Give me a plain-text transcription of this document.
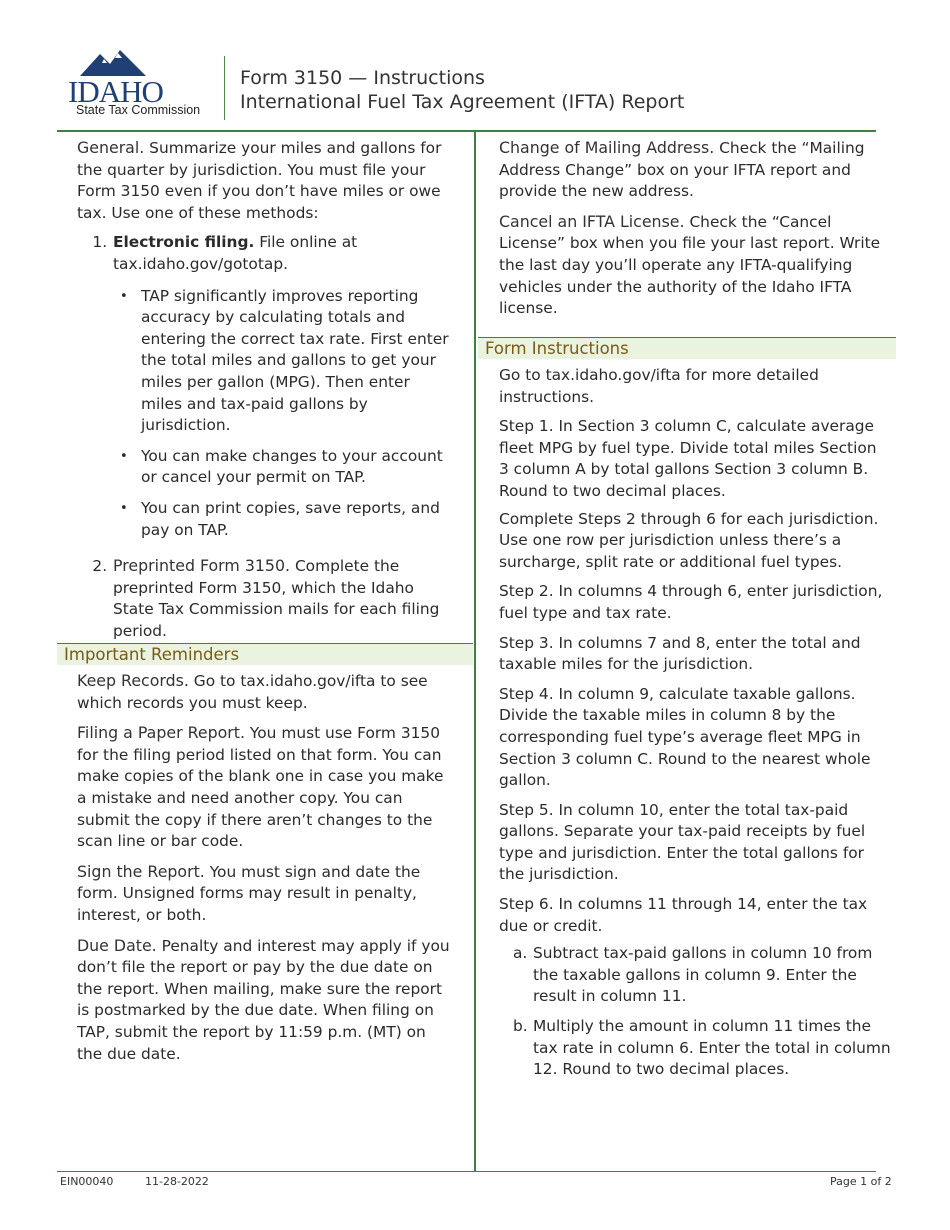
IDAHO
State Tax Commission
Form 3150 — Instructions
International Fuel Tax Agreement (IFTA) Report

General. Summarize your miles and gallons for the quarter by jurisdiction. You must file your Form 3150 even if you don’t have miles or owe tax. Use one of these methods:

1. Electronic filing. File online at tax.idaho.gov/gototap.
• TAP significantly improves reporting accuracy by calculating totals and entering the correct tax rate. First enter the total miles and gallons to get your miles per gallon (MPG). Then enter miles and tax-paid gallons by jurisdiction.
• You can make changes to your account or cancel your permit on TAP.
• You can print copies, save reports, and pay on TAP.
2. Preprinted Form 3150. Complete the preprinted Form 3150, which the Idaho State Tax Commission mails for each filing period.
Important Reminders

Keep Records. Go to tax.idaho.gov/ifta to see which records you must keep.

Filing a Paper Report. You must use Form 3150 for the filing period listed on that form. You can make copies of the blank one in case you make a mistake and need another copy. You can submit the copy if there aren’t changes to the scan line or bar code.

Sign the Report. You must sign and date the form. Unsigned forms may result in penalty, interest, or both.

Due Date. Penalty and interest may apply if you don’t file the report or pay by the due date on the report. When mailing, make sure the report is postmarked by the due date. When filing on TAP, submit the report by 11:59 p.m. (MT) on the due date.

Change of Mailing Address. Check the “Mailing Address Change” box on your IFTA report and provide the new address.

Cancel an IFTA License. Check the “Cancel License” box when you file your last report. Write the last day you’ll operate any IFTA-qualifying vehicles under the authority of the Idaho IFTA license.

Form Instructions

Go to tax.idaho.gov/ifta for more detailed instructions.

Step 1. In Section 3 column C, calculate average fleet MPG by fuel type. Divide total miles Section 3 column A by total gallons Section 3 column B. Round to two decimal places.

Complete Steps 2 through 6 for each jurisdiction. Use one row per jurisdiction unless there’s a surcharge, split rate or additional fuel types.

Step 2. In columns 4 through 6, enter jurisdiction, fuel type and tax rate.

Step 3. In columns 7 and 8, enter the total and taxable miles for the jurisdiction.

Step 4. In column 9, calculate taxable gallons. Divide the taxable miles in column 8 by the corresponding fuel type’s average fleet MPG in Section 3 column C. Round to the nearest whole gallon.

Step 5. In column 10, enter the total tax-paid gallons. Separate your tax-paid receipts by fuel type and jurisdiction. Enter the total gallons for the jurisdiction.

Step 6. In columns 11 through 14, enter the tax due or credit.

a. Subtract tax-paid gallons in column 10 from the taxable gallons in column 9. Enter the result in column 11.
b. Multiply the amount in column 11 times the tax rate in column 6. Enter the total in column 12. Round to two decimal places.
EIN00040	11-28-2022	Page 1 of 2
